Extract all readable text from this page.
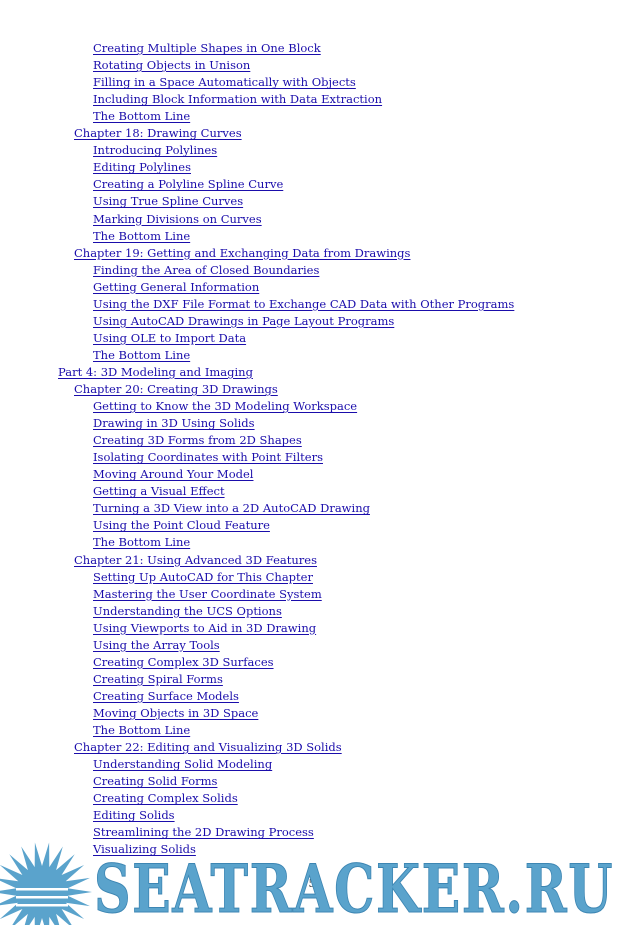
Creating Multiple Shapes in One Block
Rotating Objects in Unison
Filling in a Space Automatically with Objects
Including Block Information with Data Extraction
The Bottom Line
Chapter 18: Drawing Curves
Introducing Polylines
Editing Polylines
Creating a Polyline Spline Curve
Using True Spline Curves
Marking Divisions on Curves
The Bottom Line
Chapter 19: Getting and Exchanging Data from Drawings
Finding the Area of Closed Boundaries
Getting General Information
Using the DXF File Format to Exchange CAD Data with Other Programs
Using AutoCAD Drawings in Page Layout Programs
Using OLE to Import Data
The Bottom Line
Part 4: 3D Modeling and Imaging
Chapter 20: Creating 3D Drawings
Getting to Know the 3D Modeling Workspace
Drawing in 3D Using Solids
Creating 3D Forms from 2D Shapes
Isolating Coordinates with Point Filters
Moving Around Your Model
Getting a Visual Effect
Turning a 3D View into a 2D AutoCAD Drawing
Using the Point Cloud Feature
The Bottom Line
Chapter 21: Using Advanced 3D Features
Setting Up AutoCAD for This Chapter
Mastering the User Coordinate System
Understanding the UCS Options
Using Viewports to Aid in 3D Drawing
Using the Array Tools
Creating Complex 3D Surfaces
Creating Spiral Forms
Creating Surface Models
Moving Objects in 3D Space
The Bottom Line
Chapter 22: Editing and Visualizing 3D Solids
Understanding Solid Modeling
Creating Solid Forms
Creating Complex Solids
Editing Solids
Streamlining the 2D Drawing Process
Visualizing Solids
5
SEATRACKER.RU
